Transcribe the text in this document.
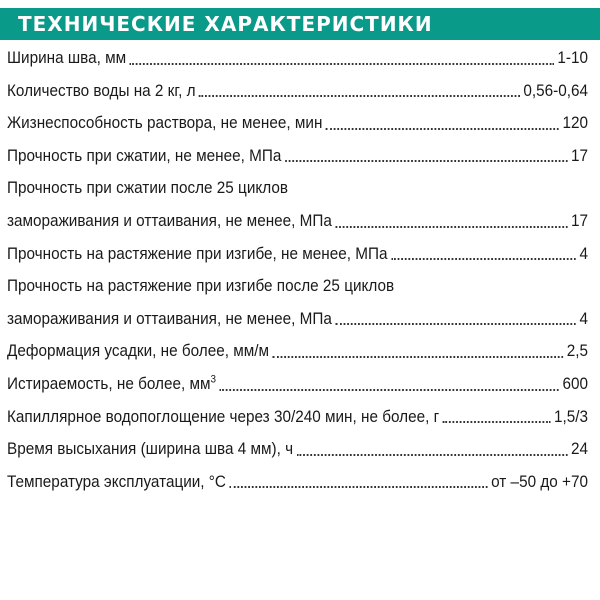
ТЕХНИЧЕСКИЕ ХАРАКТЕРИСТИКИ
Ширина шва, мм	1-10
Количество воды на 2 кг, л	0,56-0,64
Жизнеспособность раствора, не менее, мин	120
Прочность при сжатии, не менее, МПа	17
Прочность при сжатии после 25 циклов
замораживания и оттаивания, не менее, МПа	17
Прочность на растяжение при изгибе, не менее, МПа	4
Прочность на растяжение при изгибе после 25 циклов
замораживания и оттаивания, не менее, МПа	4
Деформация усадки, не более, мм/м	2,5
Истираемость, не более, $мм^3$	600
Капиллярное водопоглощение через 30/240 мин, не более, г	1,5/3
Время высыхания (ширина шва 4 мм), ч	24
Температура эксплуатации, °С	от –50 до +70
